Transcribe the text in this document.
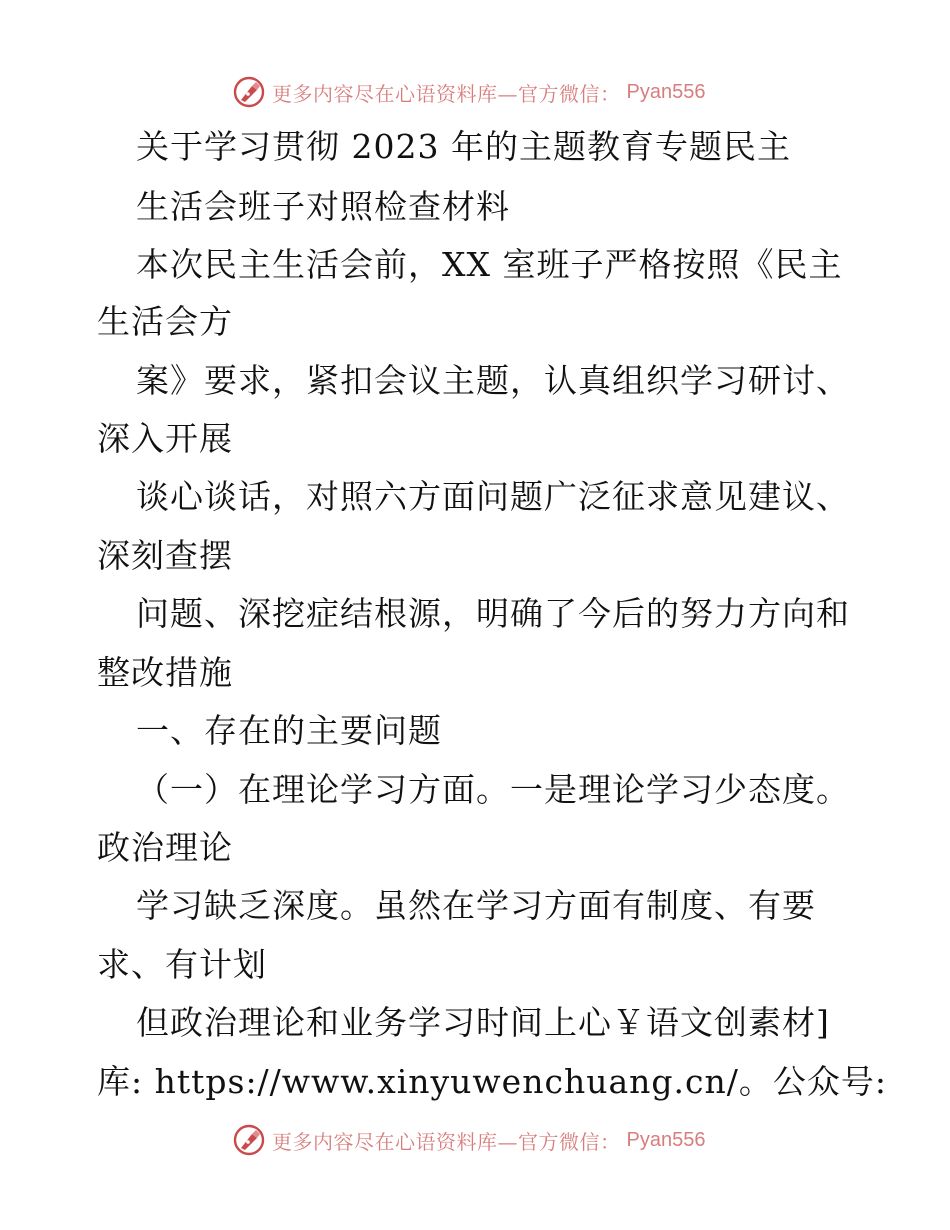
更多内容尽在心语资料库—官方微信： Pyan556
关于学习贯彻 2023 年的主题教育专题民主
生活会班子对照检查材料
本次民主生活会前，XX 室班子严格按照《民主
生活会方
案》要求，紧扣会议主题，认真组织学习研讨、
深入开展
谈心谈话，对照六方面问题广泛征求意见建议、
深刻查摆
问题、深挖症结根源，明确了今后的努力方向和
整改措施
一、存在的主要问题
（一）在理论学习方面。一是理论学习少态度。
政治理论
学习缺乏深度。虽然在学习方面有制度、有要
求、有计划
但政治理论和业务学习时间上心￥语文创素材]
库: https://www.xinyuwenchuang.cn/。公众号:
更多内容尽在心语资料库—官方微信： Pyan556
